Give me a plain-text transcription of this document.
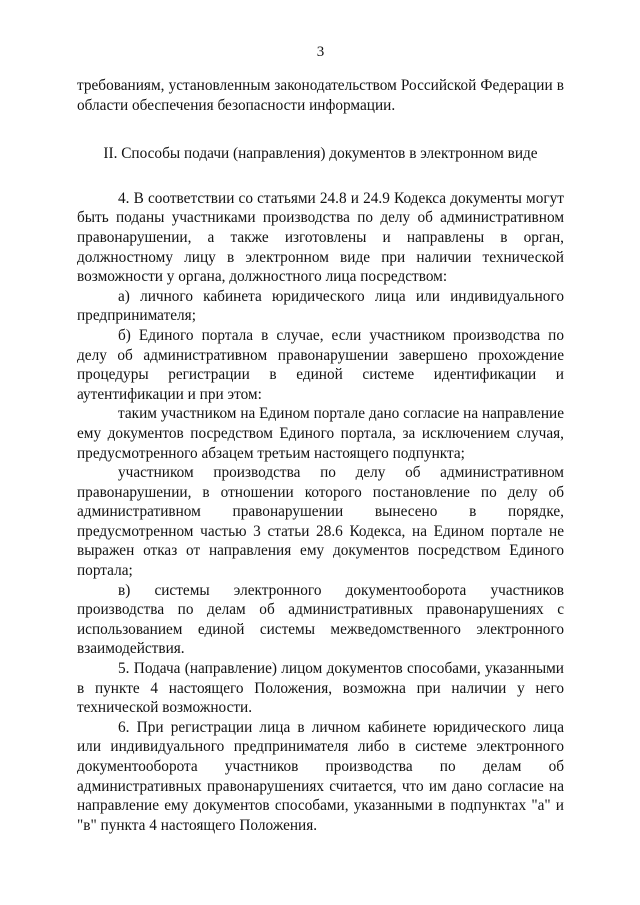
3

требованиям, установленным законодательством Российской Федерации в области обеспечения безопасности информации.

II. Способы подачи (направления) документов в электронном виде

4. В соответствии со статьями 24.8 и 24.9 Кодекса документы могут быть поданы участниками производства по делу об административном правонарушении, а также изготовлены и направлены в орган, должностному лицу в электронном виде при наличии технической возможности у органа, должностного лица посредством:

а) личного кабинета юридического лица или индивидуального предпринимателя;

б) Единого портала в случае, если участником производства по делу об административном правонарушении завершено прохождение процедуры регистрации в единой системе идентификации и аутентификации и при этом:

таким участником на Едином портале дано согласие на направление ему документов посредством Единого портала, за исключением случая, предусмотренного абзацем третьим настоящего подпункта;

участником производства по делу об административном правонарушении, в отношении которого постановление по делу об административном правонарушении вынесено в порядке, предусмотренном частью 3 статьи 28.6 Кодекса, на Едином портале не выражен отказ от направления ему документов посредством Единого портала;

в) системы электронного документооборота участников производства по делам об административных правонарушениях с использованием единой системы межведомственного электронного взаимодействия.

5. Подача (направление) лицом документов способами, указанными в пункте 4 настоящего Положения, возможна при наличии у него технической возможности.

6. При регистрации лица в личном кабинете юридического лица или индивидуального предпринимателя либо в системе электронного документооборота участников производства по делам об административных правонарушениях считается, что им дано согласие на направление ему документов способами, указанными в подпунктах "а" и "в" пункта 4 настоящего Положения.
